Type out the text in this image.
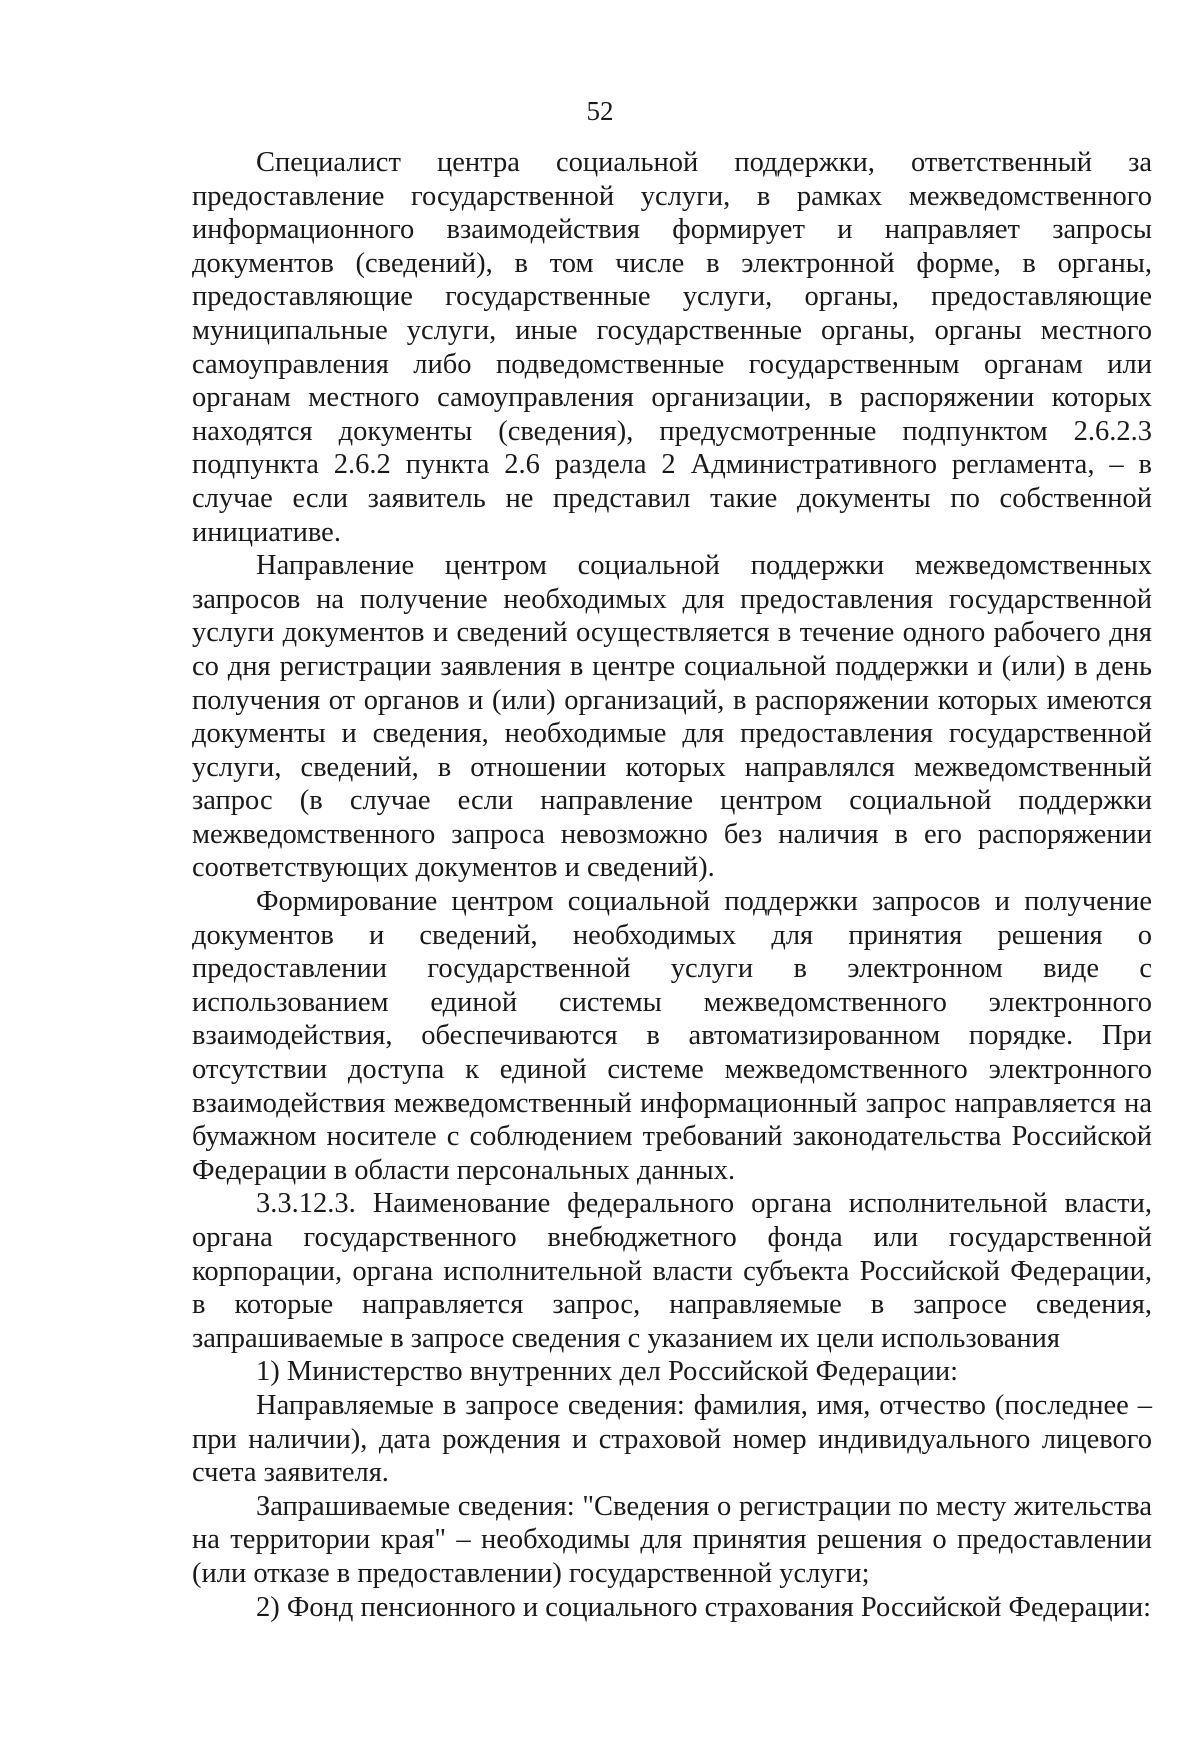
52

Специалист центра социальной поддержки, ответственный за предоставление государственной услуги, в рамках межведомственного информационного взаимодействия формирует и направляет запросы документов (сведений), в том числе в электронной форме, в органы, предоставляющие государственные услуги, органы, предоставляющие муниципальные услуги, иные государственные органы, органы местного самоуправления либо подведомственные государственным органам или органам местного самоуправления организации, в распоряжении которых находятся документы (сведения), предусмотренные подпунктом 2.6.2.3 подпункта 2.6.2 пункта 2.6 раздела 2 Административного регламента, – в случае если заявитель не представил такие документы по собственной инициативе.

Направление центром социальной поддержки межведомственных запросов на получение необходимых для предоставления государственной услуги документов и сведений осуществляется в течение одного рабочего дня со дня регистрации заявления в центре социальной поддержки и (или) в день получения от органов и (или) организаций, в распоряжении которых имеются документы и сведения, необходимые для предоставления государственной услуги, сведений, в отношении которых направлялся межведомственный запрос (в случае если направление центром социальной поддержки межведомственного запроса невозможно без наличия в его распоряжении соответствующих документов и сведений).

Формирование центром социальной поддержки запросов и получение документов и сведений, необходимых для принятия решения о предоставлении государственной услуги в электронном виде с использованием единой системы межведомственного электронного взаимодействия, обеспечиваются в автоматизированном порядке. При отсутствии доступа к единой системе межведомственного электронного взаимодействия межведомственный информационный запрос направляется на бумажном носителе с соблюдением требований законодательства Российской Федерации в области персональных данных.

3.3.12.3. Наименование федерального органа исполнительной власти, органа государственного внебюджетного фонда или государственной корпорации, органа исполнительной власти субъекта Российской Федерации, в которые направляется запрос, направляемые в запросе сведения, запрашиваемые в запросе сведения с указанием их цели использования

1) Министерство внутренних дел Российской Федерации:

Направляемые в запросе сведения: фамилия, имя, отчество (последнее – при наличии), дата рождения и страховой номер индивидуального лицевого счета заявителя.

Запрашиваемые сведения: "Сведения о регистрации по месту жительства на территории края" – необходимы для принятия решения о предоставлении (или отказе в предоставлении) государственной услуги;

2) Фонд пенсионного и социального страхования Российской Федерации:
